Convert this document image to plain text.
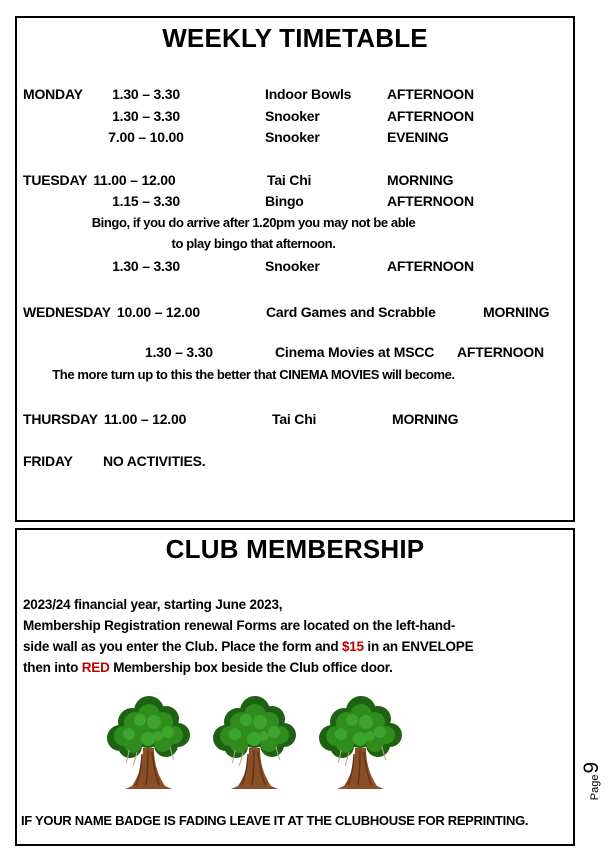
WEEKLY TIMETABLE
MONDAY	1.30 – 3.30	Indoor Bowls	AFTERNOON
1.30 – 3.30	Snooker	AFTERNOON
7.00 – 10.00	Snooker	EVENING
TUESDAY 11.00 – 12.00	Tai Chi	MORNING
1.15 – 3.30	Bingo	AFTERNOON
Bingo, if you do arrive after 1.20pm you may not be able
to play bingo that afternoon.
1.30 – 3.30	Snooker	AFTERNOON
WEDNESDAY 10.00 – 12.00	Card Games and Scrabble	MORNING
1.30 – 3.30	Cinema Movies at MSCC AFTERNOON
The more turn up to this the better that CINEMA MOVIES will become.
THURSDAY 11.00 – 12.00	Tai Chi	MORNING
FRIDAY NO ACTIVITIES.
CLUB MEMBERSHIP
2023/24 financial year, starting June 2023,
Membership Registration renewal Forms are located on the left-hand-
side wall as you enter the Club. Place the form and $15 in an ENVELOPE
then into RED Membership box beside the Club office door.
IF YOUR NAME BADGE IS FADING LEAVE IT AT THE CLUBHOUSE FOR REPRINTING.
Page
9
